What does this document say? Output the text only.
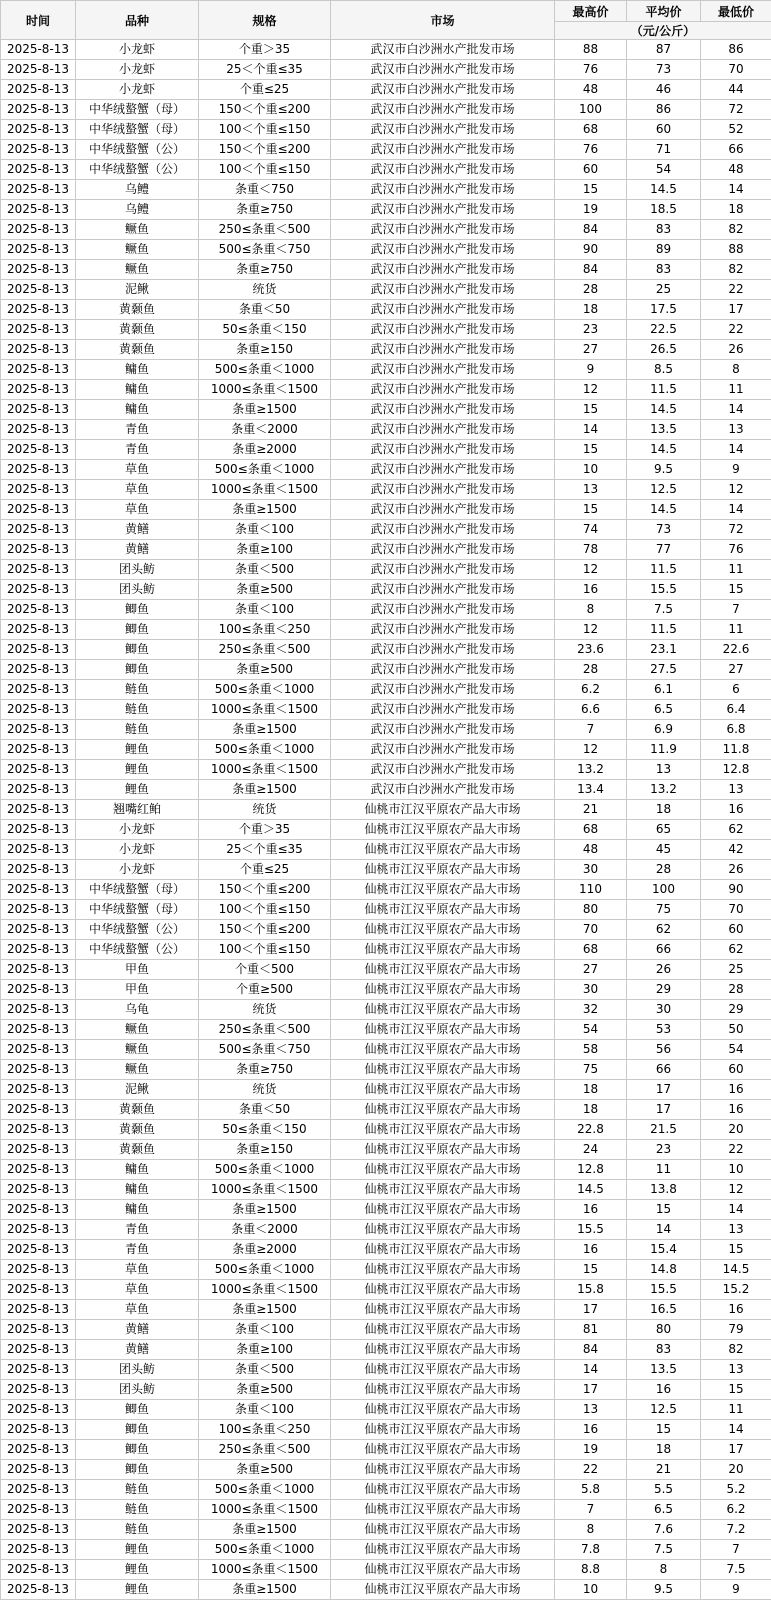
时间	品种	规格	市场	最高价	平均价	最低价
				（元/公斤）		
2025-8-13	小龙虾	个重＞35	武汉市白沙洲水产批发市场	88	87	86
2025-8-13	小龙虾	25＜个重≤35	武汉市白沙洲水产批发市场	76	73	70
2025-8-13	小龙虾	个重≤25	武汉市白沙洲水产批发市场	48	46	44
2025-8-13	中华绒螯蟹（母）	150＜个重≤200	武汉市白沙洲水产批发市场	100	86	72
2025-8-13	中华绒螯蟹（母）	100＜个重≤150	武汉市白沙洲水产批发市场	68	60	52
2025-8-13	中华绒螯蟹（公）	150＜个重≤200	武汉市白沙洲水产批发市场	76	71	66
2025-8-13	中华绒螯蟹（公）	100＜个重≤150	武汉市白沙洲水产批发市场	60	54	48
2025-8-13	乌鳢	条重＜750	武汉市白沙洲水产批发市场	15	14.5	14
2025-8-13	乌鳢	条重≥750	武汉市白沙洲水产批发市场	19	18.5	18
2025-8-13	鳜鱼	250≤条重＜500	武汉市白沙洲水产批发市场	84	83	82
2025-8-13	鳜鱼	500≤条重＜750	武汉市白沙洲水产批发市场	90	89	88
2025-8-13	鳜鱼	条重≥750	武汉市白沙洲水产批发市场	84	83	82
2025-8-13	泥鳅	统货	武汉市白沙洲水产批发市场	28	25	22
2025-8-13	黄颡鱼	条重＜50	武汉市白沙洲水产批发市场	18	17.5	17
2025-8-13	黄颡鱼	50≤条重＜150	武汉市白沙洲水产批发市场	23	22.5	22
2025-8-13	黄颡鱼	条重≥150	武汉市白沙洲水产批发市场	27	26.5	26
2025-8-13	鳙鱼	500≤条重＜1000	武汉市白沙洲水产批发市场	9	8.5	8
2025-8-13	鳙鱼	1000≤条重＜1500	武汉市白沙洲水产批发市场	12	11.5	11
2025-8-13	鳙鱼	条重≥1500	武汉市白沙洲水产批发市场	15	14.5	14
2025-8-13	青鱼	条重＜2000	武汉市白沙洲水产批发市场	14	13.5	13
2025-8-13	青鱼	条重≥2000	武汉市白沙洲水产批发市场	15	14.5	14
2025-8-13	草鱼	500≤条重＜1000	武汉市白沙洲水产批发市场	10	9.5	9
2025-8-13	草鱼	1000≤条重＜1500	武汉市白沙洲水产批发市场	13	12.5	12
2025-8-13	草鱼	条重≥1500	武汉市白沙洲水产批发市场	15	14.5	14
2025-8-13	黄鳝	条重＜100	武汉市白沙洲水产批发市场	74	73	72
2025-8-13	黄鳝	条重≥100	武汉市白沙洲水产批发市场	78	77	76
2025-8-13	团头鲂	条重＜500	武汉市白沙洲水产批发市场	12	11.5	11
2025-8-13	团头鲂	条重≥500	武汉市白沙洲水产批发市场	16	15.5	15
2025-8-13	鲫鱼	条重＜100	武汉市白沙洲水产批发市场	8	7.5	7
2025-8-13	鲫鱼	100≤条重＜250	武汉市白沙洲水产批发市场	12	11.5	11
2025-8-13	鲫鱼	250≤条重＜500	武汉市白沙洲水产批发市场	23.6	23.1	22.6
2025-8-13	鲫鱼	条重≥500	武汉市白沙洲水产批发市场	28	27.5	27
2025-8-13	鲢鱼	500≤条重＜1000	武汉市白沙洲水产批发市场	6.2	6.1	6
2025-8-13	鲢鱼	1000≤条重＜1500	武汉市白沙洲水产批发市场	6.6	6.5	6.4
2025-8-13	鲢鱼	条重≥1500	武汉市白沙洲水产批发市场	7	6.9	6.8
2025-8-13	鲤鱼	500≤条重＜1000	武汉市白沙洲水产批发市场	12	11.9	11.8
2025-8-13	鲤鱼	1000≤条重＜1500	武汉市白沙洲水产批发市场	13.2	13	12.8
2025-8-13	鲤鱼	条重≥1500	武汉市白沙洲水产批发市场	13.4	13.2	13
2025-8-13	翘嘴红鲌	统货	仙桃市江汉平原农产品大市场	21	18	16
2025-8-13	小龙虾	个重＞35	仙桃市江汉平原农产品大市场	68	65	62
2025-8-13	小龙虾	25＜个重≤35	仙桃市江汉平原农产品大市场	48	45	42
2025-8-13	小龙虾	个重≤25	仙桃市江汉平原农产品大市场	30	28	26
2025-8-13	中华绒螯蟹（母）	150＜个重≤200	仙桃市江汉平原农产品大市场	110	100	90
2025-8-13	中华绒螯蟹（母）	100＜个重≤150	仙桃市江汉平原农产品大市场	80	75	70
2025-8-13	中华绒螯蟹（公）	150＜个重≤200	仙桃市江汉平原农产品大市场	70	62	60
2025-8-13	中华绒螯蟹（公）	100＜个重≤150	仙桃市江汉平原农产品大市场	68	66	62
2025-8-13	甲鱼	个重＜500	仙桃市江汉平原农产品大市场	27	26	25
2025-8-13	甲鱼	个重≥500	仙桃市江汉平原农产品大市场	30	29	28
2025-8-13	乌龟	统货	仙桃市江汉平原农产品大市场	32	30	29
2025-8-13	鳜鱼	250≤条重＜500	仙桃市江汉平原农产品大市场	54	53	50
2025-8-13	鳜鱼	500≤条重＜750	仙桃市江汉平原农产品大市场	58	56	54
2025-8-13	鳜鱼	条重≥750	仙桃市江汉平原农产品大市场	75	66	60
2025-8-13	泥鳅	统货	仙桃市江汉平原农产品大市场	18	17	16
2025-8-13	黄颡鱼	条重＜50	仙桃市江汉平原农产品大市场	18	17	16
2025-8-13	黄颡鱼	50≤条重＜150	仙桃市江汉平原农产品大市场	22.8	21.5	20
2025-8-13	黄颡鱼	条重≥150	仙桃市江汉平原农产品大市场	24	23	22
2025-8-13	鳙鱼	500≤条重＜1000	仙桃市江汉平原农产品大市场	12.8	11	10
2025-8-13	鳙鱼	1000≤条重＜1500	仙桃市江汉平原农产品大市场	14.5	13.8	12
2025-8-13	鳙鱼	条重≥1500	仙桃市江汉平原农产品大市场	16	15	14
2025-8-13	青鱼	条重＜2000	仙桃市江汉平原农产品大市场	15.5	14	13
2025-8-13	青鱼	条重≥2000	仙桃市江汉平原农产品大市场	16	15.4	15
2025-8-13	草鱼	500≤条重＜1000	仙桃市江汉平原农产品大市场	15	14.8	14.5
2025-8-13	草鱼	1000≤条重＜1500	仙桃市江汉平原农产品大市场	15.8	15.5	15.2
2025-8-13	草鱼	条重≥1500	仙桃市江汉平原农产品大市场	17	16.5	16
2025-8-13	黄鳝	条重＜100	仙桃市江汉平原农产品大市场	81	80	79
2025-8-13	黄鳝	条重≥100	仙桃市江汉平原农产品大市场	84	83	82
2025-8-13	团头鲂	条重＜500	仙桃市江汉平原农产品大市场	14	13.5	13
2025-8-13	团头鲂	条重≥500	仙桃市江汉平原农产品大市场	17	16	15
2025-8-13	鲫鱼	条重＜100	仙桃市江汉平原农产品大市场	13	12.5	11
2025-8-13	鲫鱼	100≤条重＜250	仙桃市江汉平原农产品大市场	16	15	14
2025-8-13	鲫鱼	250≤条重＜500	仙桃市江汉平原农产品大市场	19	18	17
2025-8-13	鲫鱼	条重≥500	仙桃市江汉平原农产品大市场	22	21	20
2025-8-13	鲢鱼	500≤条重＜1000	仙桃市江汉平原农产品大市场	5.8	5.5	5.2
2025-8-13	鲢鱼	1000≤条重＜1500	仙桃市江汉平原农产品大市场	7	6.5	6.2
2025-8-13	鲢鱼	条重≥1500	仙桃市江汉平原农产品大市场	8	7.6	7.2
2025-8-13	鲤鱼	500≤条重＜1000	仙桃市江汉平原农产品大市场	7.8	7.5	7
2025-8-13	鲤鱼	1000≤条重＜1500	仙桃市江汉平原农产品大市场	8.8	8	7.5
2025-8-13	鲤鱼	条重≥1500	仙桃市江汉平原农产品大市场	10	9.5	9
